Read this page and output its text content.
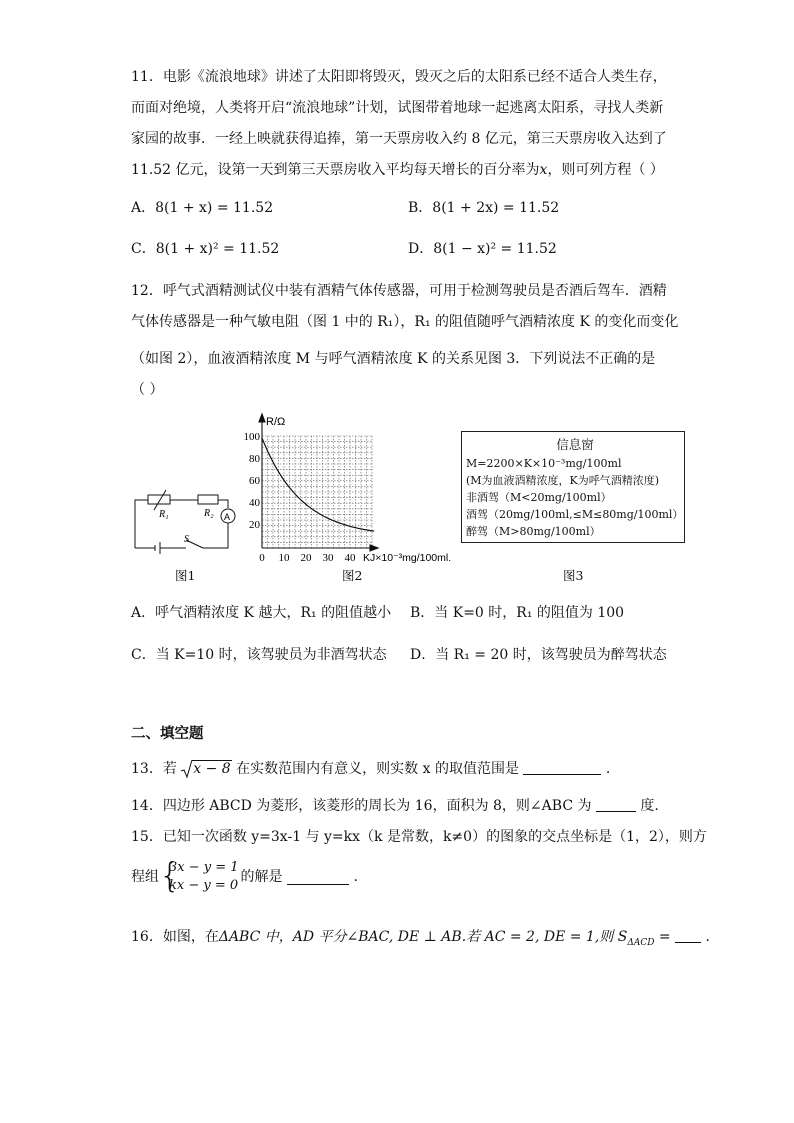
11．电影《流浪地球》讲述了太阳即将毁灭，毁灭之后的太阳系已经不适合人类生存，
而面对绝境，人类将开启“流浪地球”计划，试图带着地球一起逃离太阳系，寻找人类新
家园的故事．一经上映就获得追捧，第一天票房收入约 8 亿元，第三天票房收入达到了
11.52 亿元，设第一天到第三天票房收入平均每天增长的百分率为x，则可列方程（ ）
A．8(1 + x) = 11.52	B．8(1 + 2x) = 11.52
C．8(1 + x)² = 11.52	D．8(1 − x)² = 11.52
12．呼气式酒精测试仪中装有酒精气体传感器，可用于检测驾驶员是否酒后驾车．酒精
气体传感器是一种气敏电阻（图 1 中的 R₁），R₁ 的阻值随呼气酒精浓度 K 的变化而变化
（如图 2），血液酒精浓度 M 与呼气酒精浓度 K 的关系见图 3．下列说法不正确的是
（ ）
R₁	R₂ A
S
图1
R/Ω
100
80
60
40
20
0 10 20 30 40 KJ×10⁻³mg/100ml.
图2
信息窗
M=2200×K×10⁻³mg/100ml
(M为血液酒精浓度，K为呼气酒精浓度)
非酒驾（M<20mg/100ml）
酒驾（20mg/100ml,≤M≤80mg/100ml）
醉驾（M>80mg/100ml）
图3
A．呼气酒精浓度 K 越大，R₁ 的阻值越小 B．当 K=0 时，R₁ 的阻值为 100
C．当 K=10 时，该驾驶员为非酒驾状态 D．当 R₁ = 20 时，该驾驶员为醉驾状态
二、填空题
13．若 x − 8 在实数范围内有意义，则实数 x 的取值范围是	.
14．四边形 ABCD 为菱形，该菱形的周长为 16，面积为 8，则∠ABC 为	度.
15．已知一次函数 y=3x-1 与 y=kx（k 是常数，k≠0）的图象的交点坐标是（1，2），则方
程组 {
3x − y = 1
kx − y = 0
的解是	.
16．如图，在ΔABC 中，AD 平分∠BAC, DE ⊥ AB.若 AC = 2, DE = 1,则 $S_{\Delta ACD}$ = .
